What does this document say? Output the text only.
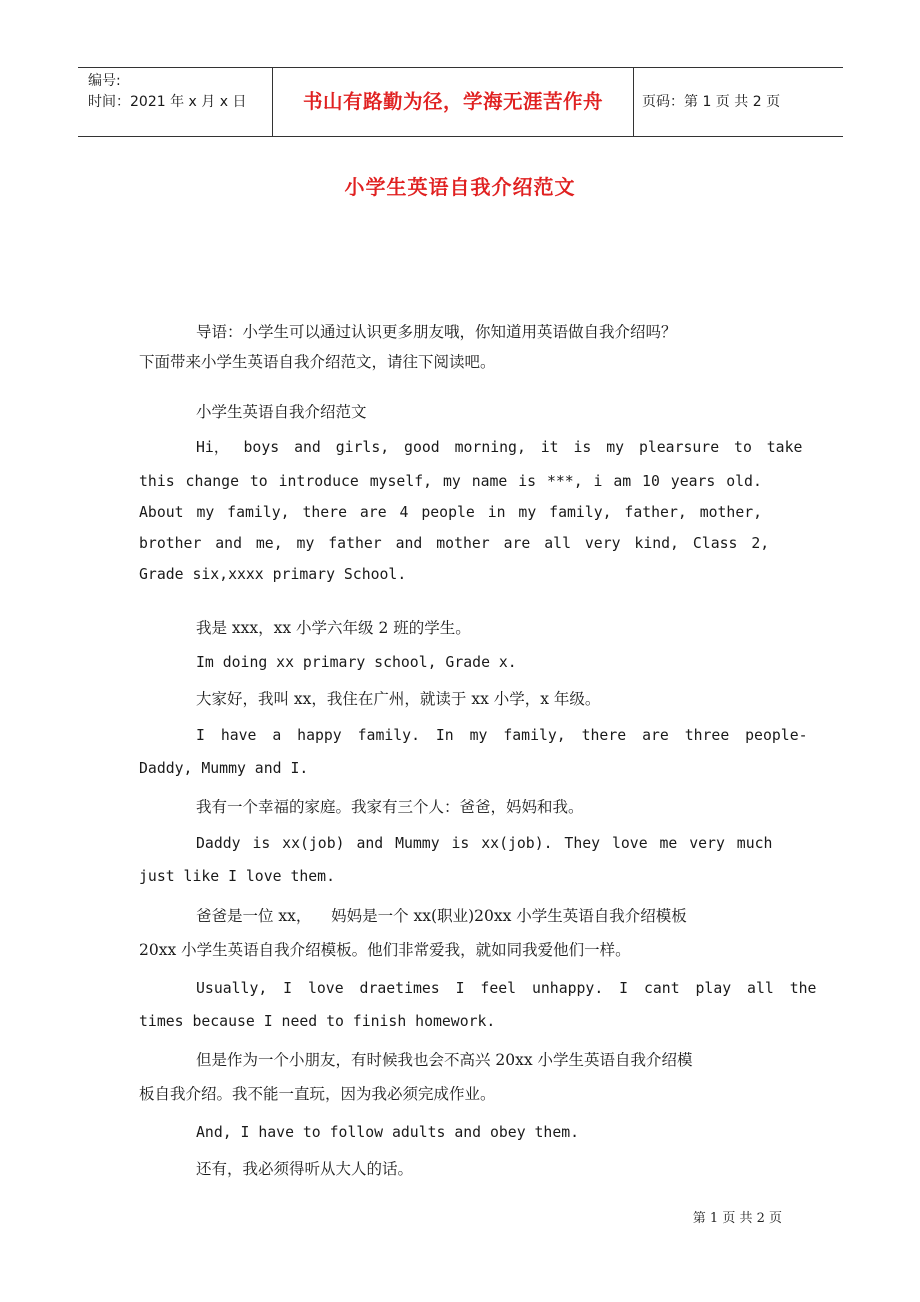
编号:
时间：2021 年 x 月 x 日	书山有路勤为径，学海无涯苦作舟	页码：第 1 页 共 2 页
小学生英语自我介绍范文
导语：小学生可以通过认识更多朋友哦，你知道用英语做自我介绍吗？
下面带来小学生英语自我介绍范文，请往下阅读吧。
小学生英语自我介绍范文
Hi， boys and girls, good morning, it is my plearsure to take
this change to introduce myself, my name is ***, i am 10 years old.
About my family, there are 4 people in my family, father, mother,
brother and me, my father and mother are all very kind, Class 2,
Grade six,xxxx primary School.
我是 xxx，xx 小学六年级 2 班的学生。
Im doing xx primary school, Grade x.
大家好，我叫 xx，我住在广州，就读于 xx 小学，x 年级。
I have a happy family. In my family, there are three people-
Daddy, Mummy and I.
我有一个幸福的家庭。我家有三个人：爸爸，妈妈和我。
Daddy is xx(job) and Mummy is xx(job). They love me very much
just like I love them.
爸爸是一位 xx，    妈妈是一个 xx(职业)20xx 小学生英语自我介绍模板
20xx 小学生英语自我介绍模板。他们非常爱我，就如同我爱他们一样。
Usually, I love draetimes I feel unhappy. I cant play all the
times because I need to finish homework.
但是作为一个小朋友，有时候我也会不高兴 20xx 小学生英语自我介绍模
板自我介绍。我不能一直玩，因为我必须完成作业。
And, I have to follow adults and obey them.
还有，我必须得听从大人的话。
第 1 页 共 2 页
